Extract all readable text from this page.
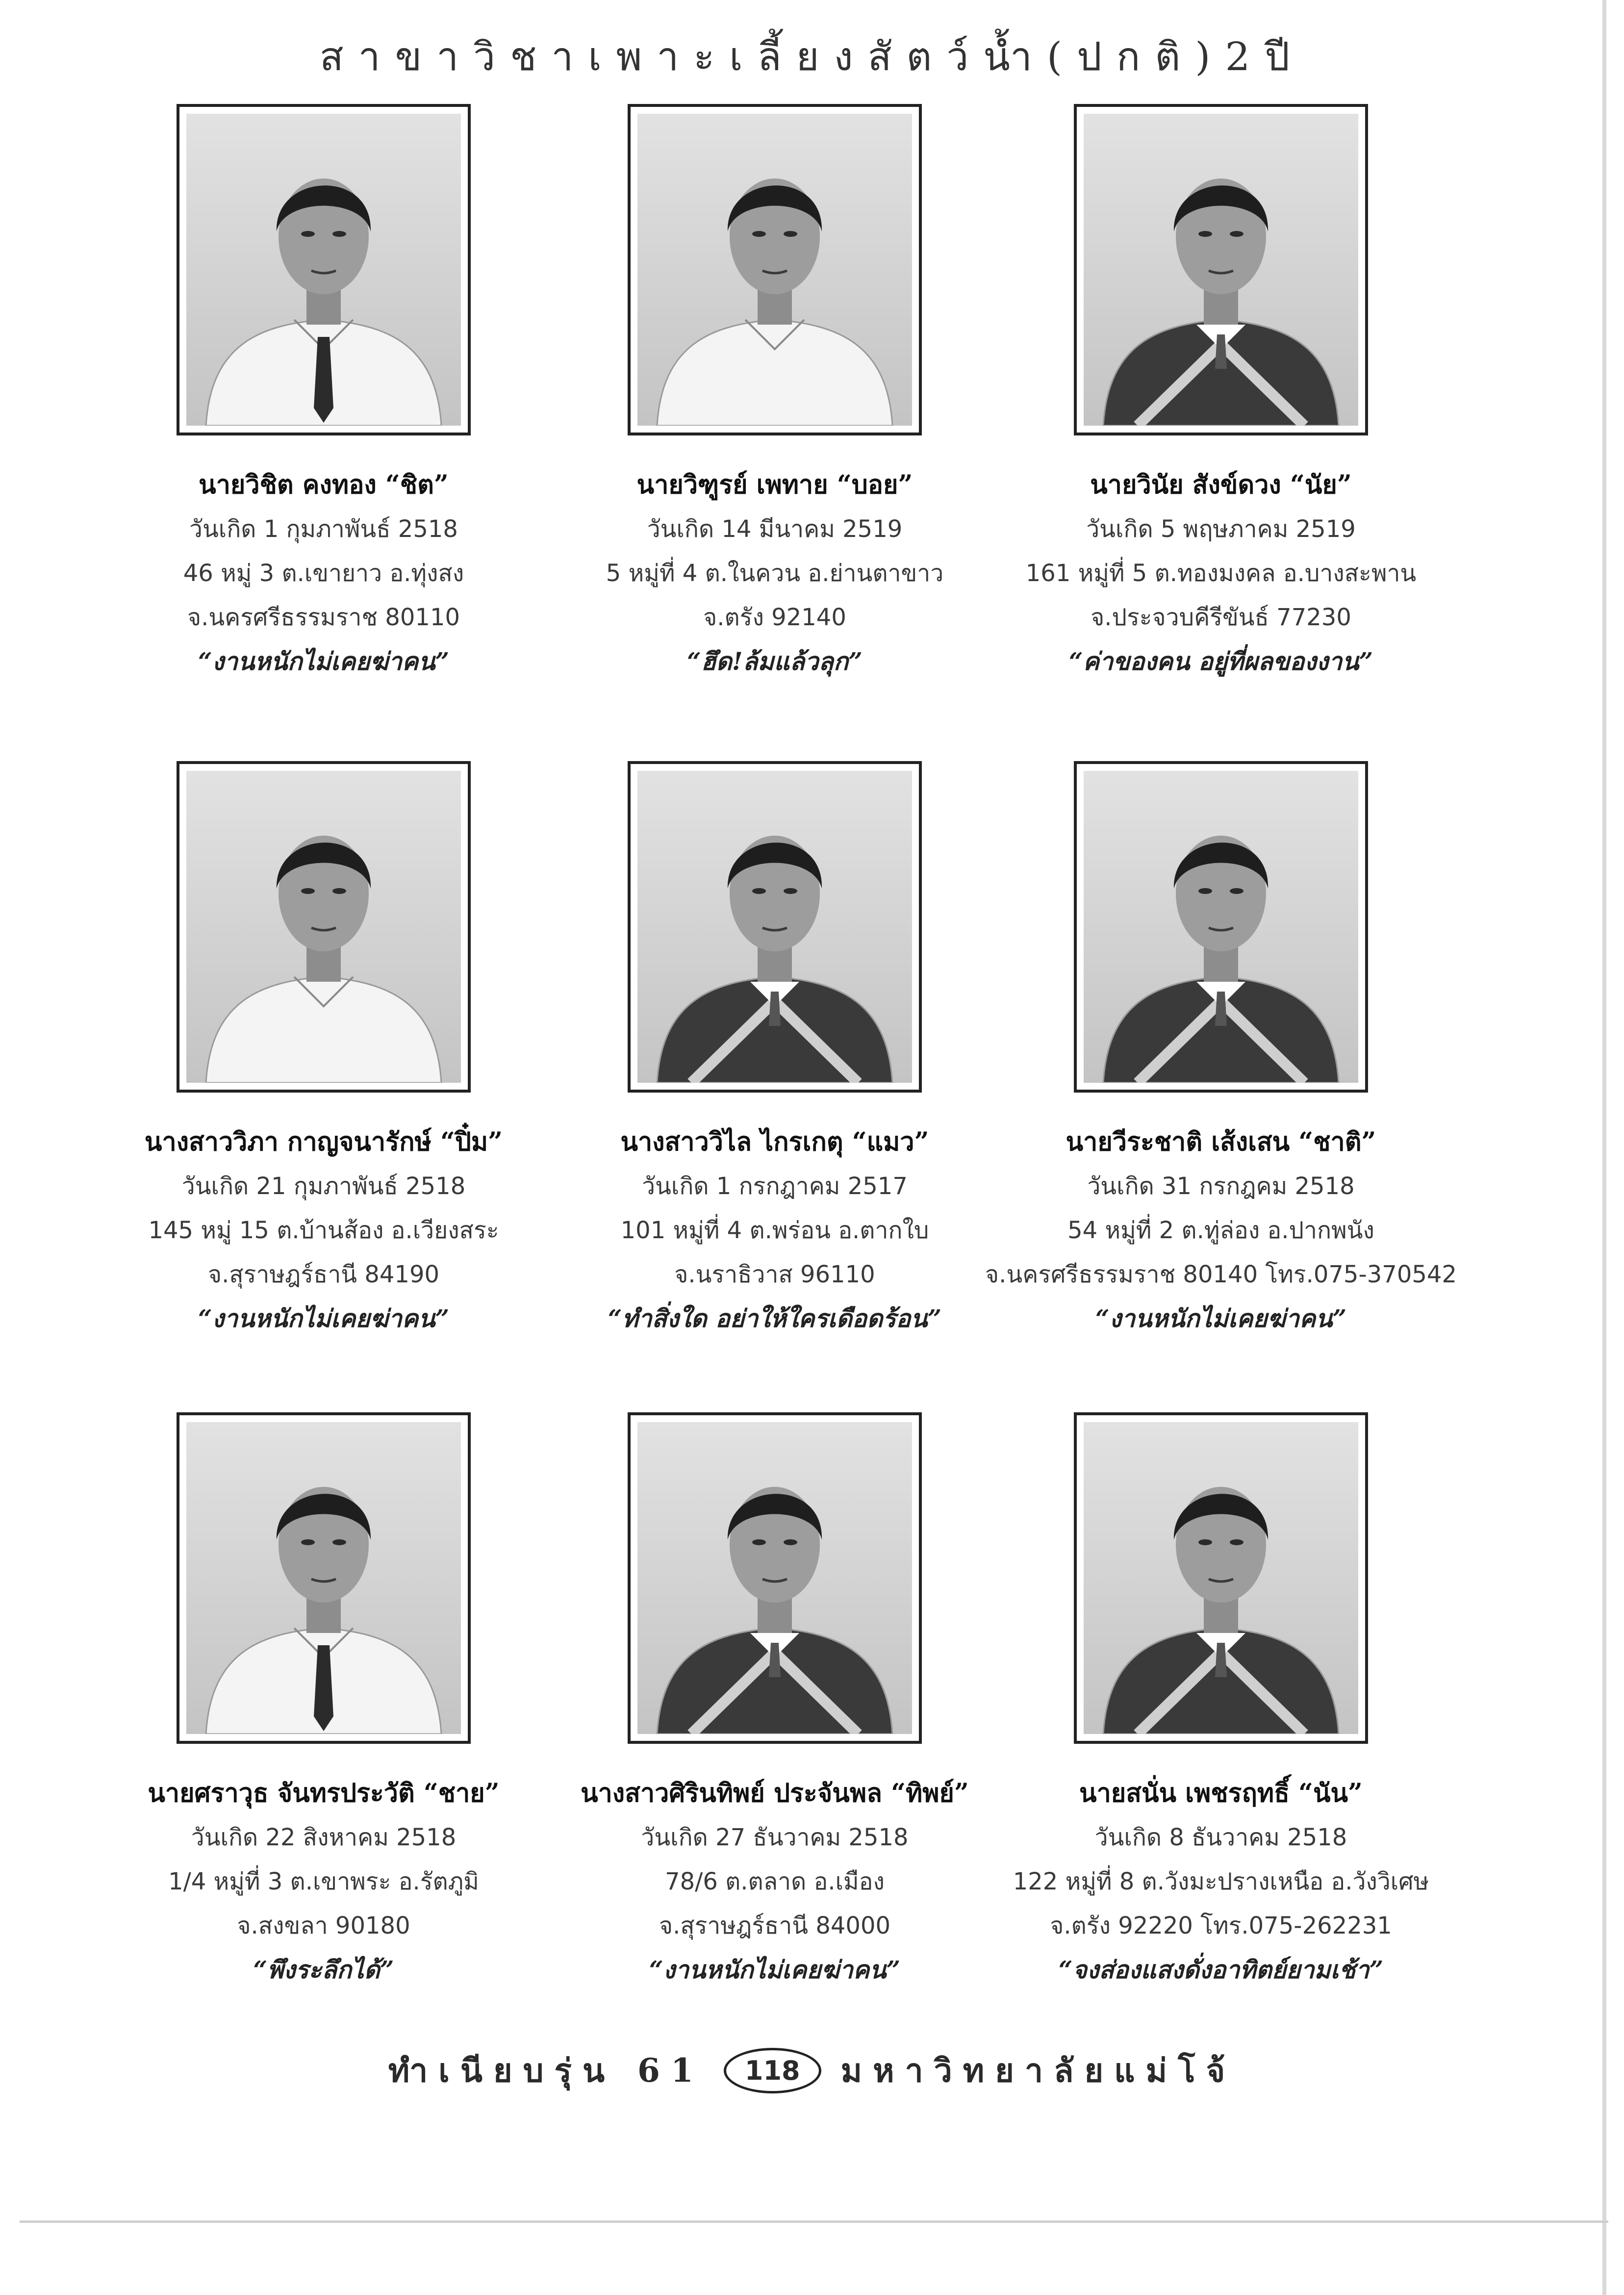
สาขาวิชาเพาะเลี้ยงสัตว์น้ำ(ปกติ)2ปี
นายวิชิต คงทอง “ชิต”
วันเกิด 1 กุมภาพันธ์ 2518
46 หมู่ 3 ต.เขายาว อ.ทุ่งสง
จ.นครศรีธรรมราช 80110
“งานหนักไม่เคยฆ่าคน”
นายวิฑูรย์ เพทาย “บอย”
วันเกิด 14 มีนาคม 2519
5 หมู่ที่ 4 ต.ในควน อ.ย่านตาขาว
จ.ตรัง 92140
“ฮึด!ล้มแล้วลุก”
นายวินัย สังข์ดวง “นัย”
วันเกิด 5 พฤษภาคม 2519
161 หมู่ที่ 5 ต.ทองมงคล อ.บางสะพาน
จ.ประจวบคีรีขันธ์ 77230
“ค่าของคน อยู่ที่ผลของงาน”
นางสาววิภา กาญจนารักษ์ “ปิ๋ม”
วันเกิด 21 กุมภาพันธ์ 2518
145 หมู่ 15 ต.บ้านส้อง อ.เวียงสระ
จ.สุราษฎร์ธานี 84190
“งานหนักไม่เคยฆ่าคน”
นางสาววิไล ไกรเกตุ “แมว”
วันเกิด 1 กรกฎาคม 2517
101 หมู่ที่ 4 ต.พร่อน อ.ตากใบ
จ.นราธิวาส 96110
“ทำสิ่งใด อย่าให้ใครเดือดร้อน”
นายวีระชาติ เส้งเสน “ชาติ”
วันเกิด 31 กรกฎคม 2518
54 หมู่ที่ 2 ต.ทู่ล่อง อ.ปากพนัง
จ.นครศรีธรรมราช 80140 โทร.075-370542
“งานหนักไม่เคยฆ่าคน”
นายศราวุธ จันทรประวัติ “ชาย”
วันเกิด 22 สิงหาคม 2518
1/4 หมู่ที่ 3 ต.เขาพระ อ.รัตภูมิ
จ.สงขลา 90180
“พึงระลึกได้”
นางสาวศิรินทิพย์ ประจันพล “ทิพย์”
วันเกิด 27 ธันวาคม 2518
78/6 ต.ตลาด อ.เมือง
จ.สุราษฎร์ธานี 84000
“งานหนักไม่เคยฆ่าคน”
นายสนั่น เพชรฤทธิ์ “นัน”
วันเกิด 8 ธันวาคม 2518
122 หมู่ที่ 8 ต.วังมะปรางเหนือ อ.วังวิเศษ
จ.ตรัง 92220 โทร.075-262231
“จงส่องแสงดั่งอาทิตย์ยามเช้า”
ทำเนียบรุ่น 61	118	มหาวิทยาลัยแม่โจ้
